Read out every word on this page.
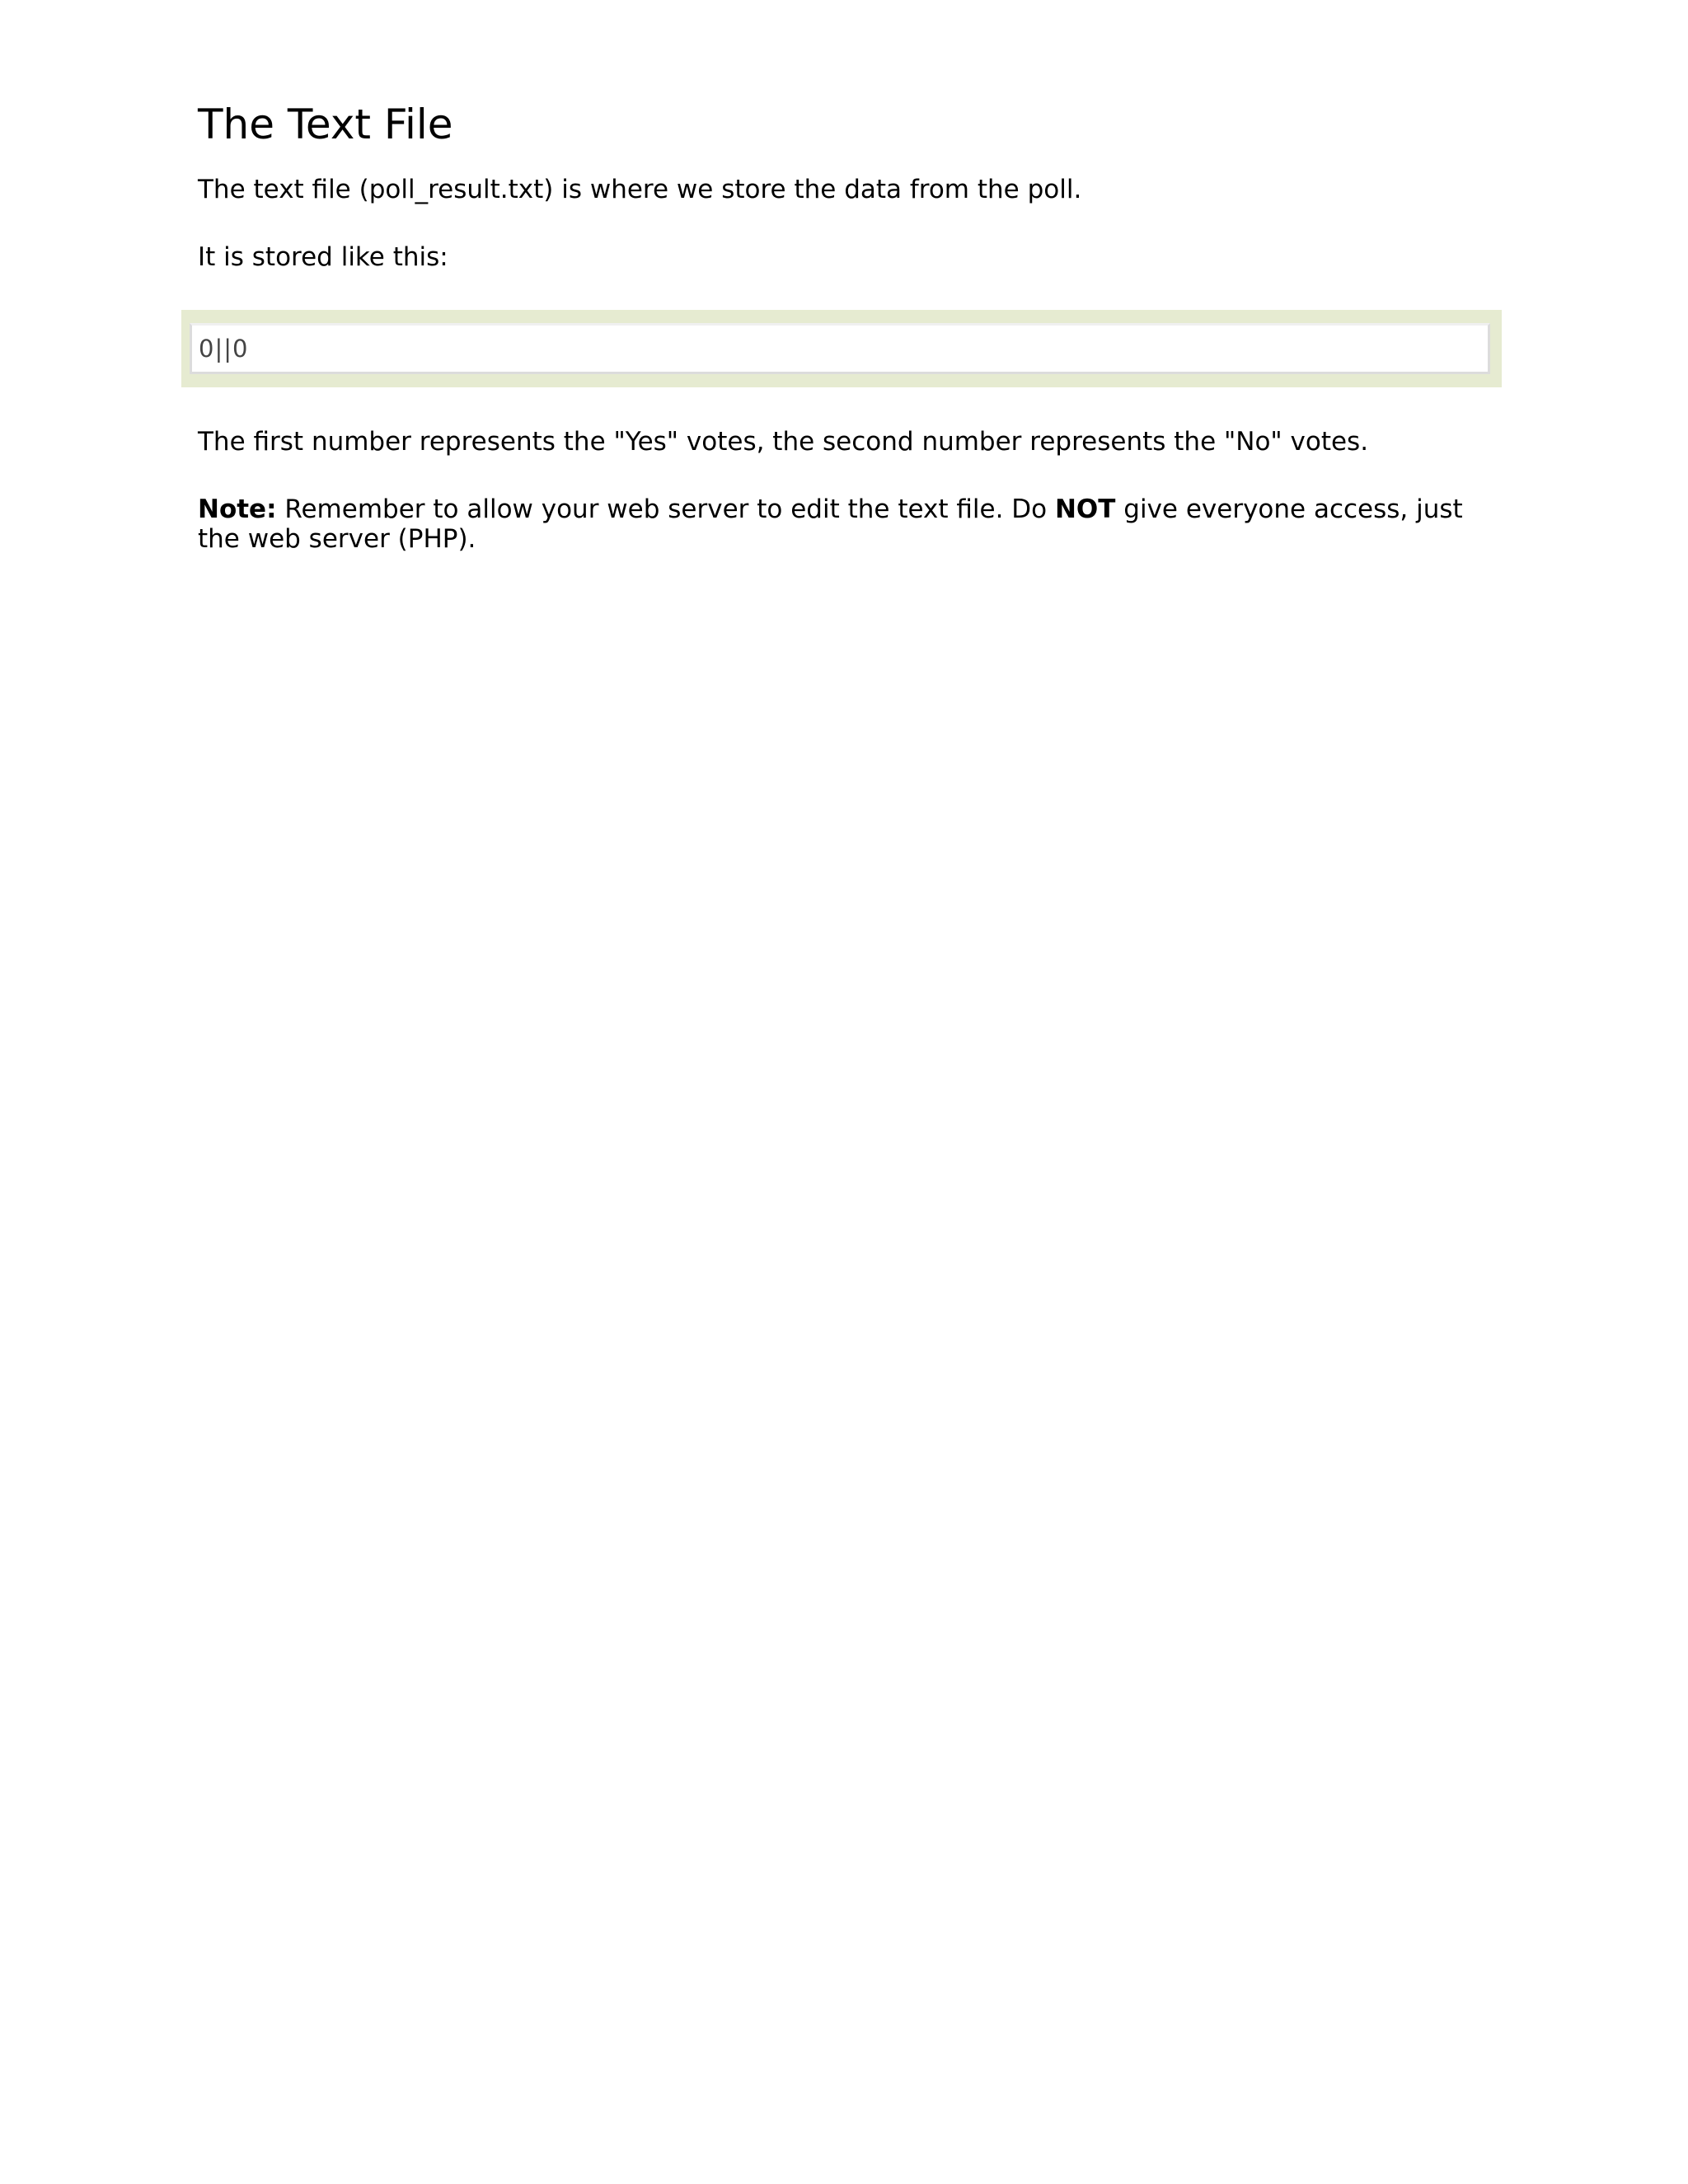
The Text File

The text file (poll_result.txt) is where we store the data from the poll.

It is stored like this:

0||0

The first number represents the "Yes" votes, the second number represents the "No" votes.

Note: Remember to allow your web server to edit the text file. Do NOT give everyone access, just the web server (PHP).
